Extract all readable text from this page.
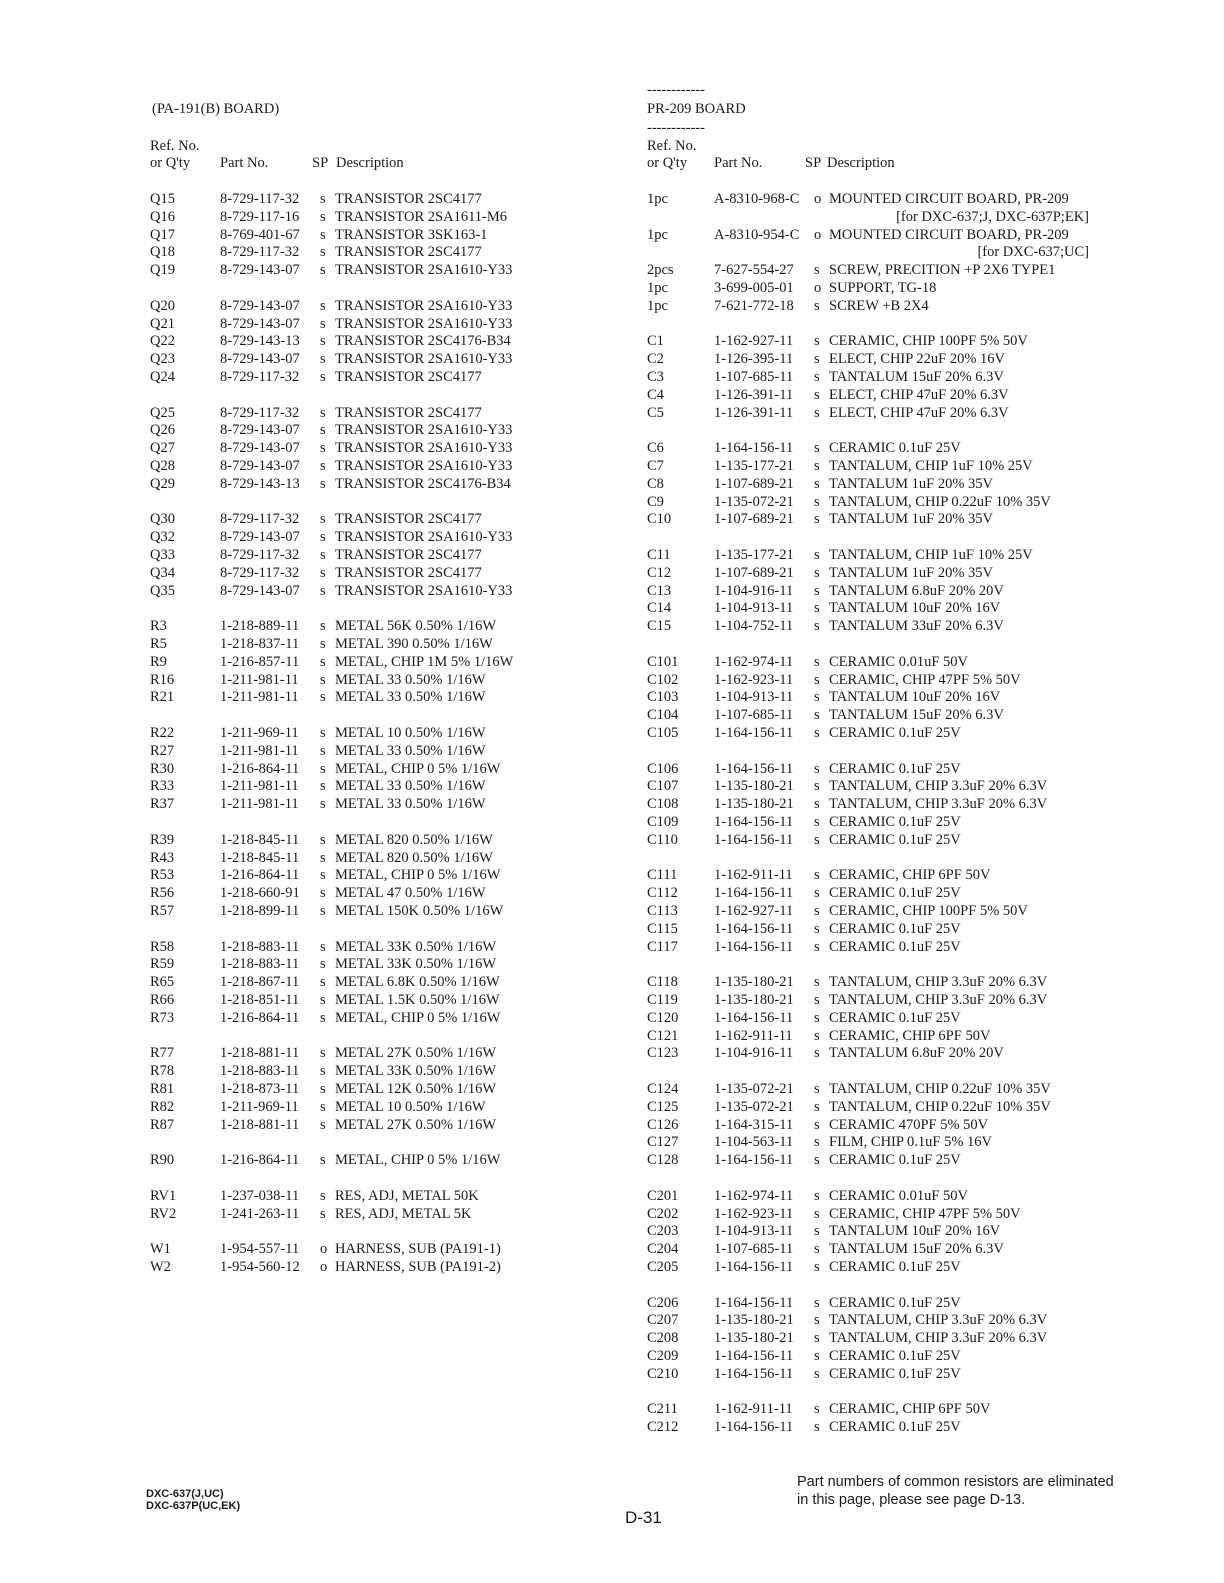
(PA-191(B) BOARD)
Ref. No.
or Q'ty Part No.	SP Description
Q15	8-729-117-32 s TRANSISTOR 2SC4177
Q16	8-729-117-16 s TRANSISTOR 2SA1611-M6
Q17	8-769-401-67 s TRANSISTOR 3SK163-1
Q18	8-729-117-32 s TRANSISTOR 2SC4177
Q19	8-729-143-07 s TRANSISTOR 2SA1610-Y33
Q20	8-729-143-07 s TRANSISTOR 2SA1610-Y33
Q21	8-729-143-07 s TRANSISTOR 2SA1610-Y33
Q22	8-729-143-13 s TRANSISTOR 2SC4176-B34
Q23	8-729-143-07 s TRANSISTOR 2SA1610-Y33
Q24	8-729-117-32 s TRANSISTOR 2SC4177
Q25	8-729-117-32 s TRANSISTOR 2SC4177
Q26	8-729-143-07 s TRANSISTOR 2SA1610-Y33
Q27	8-729-143-07 s TRANSISTOR 2SA1610-Y33
Q28	8-729-143-07 s TRANSISTOR 2SA1610-Y33
Q29	8-729-143-13 s TRANSISTOR 2SC4176-B34
Q30	8-729-117-32 s TRANSISTOR 2SC4177
Q32	8-729-143-07 s TRANSISTOR 2SA1610-Y33
Q33	8-729-117-32 s TRANSISTOR 2SC4177
Q34	8-729-117-32 s TRANSISTOR 2SC4177
Q35	8-729-143-07 s TRANSISTOR 2SA1610-Y33
R3	1-218-889-11 s METAL 56K 0.50% 1/16W
R5	1-218-837-11 s METAL 390 0.50% 1/16W
R9	1-216-857-11 s METAL, CHIP 1M 5% 1/16W
R16	1-211-981-11 s METAL 33 0.50% 1/16W
R21	1-211-981-11 s METAL 33 0.50% 1/16W
R22	1-211-969-11 s METAL 10 0.50% 1/16W
R27	1-211-981-11 s METAL 33 0.50% 1/16W
R30	1-216-864-11 s METAL, CHIP 0 5% 1/16W
R33	1-211-981-11 s METAL 33 0.50% 1/16W
R37	1-211-981-11 s METAL 33 0.50% 1/16W
R39	1-218-845-11 s METAL 820 0.50% 1/16W
R43	1-218-845-11 s METAL 820 0.50% 1/16W
R53	1-216-864-11 s METAL, CHIP 0 5% 1/16W
R56	1-218-660-91 s METAL 47 0.50% 1/16W
R57	1-218-899-11 s METAL 150K 0.50% 1/16W
R58	1-218-883-11 s METAL 33K 0.50% 1/16W
R59	1-218-883-11 s METAL 33K 0.50% 1/16W
R65	1-218-867-11 s METAL 6.8K 0.50% 1/16W
R66	1-218-851-11 s METAL 1.5K 0.50% 1/16W
R73	1-216-864-11 s METAL, CHIP 0 5% 1/16W
R77	1-218-881-11 s METAL 27K 0.50% 1/16W
R78	1-218-883-11 s METAL 33K 0.50% 1/16W
R81	1-218-873-11 s METAL 12K 0.50% 1/16W
R82	1-211-969-11 s METAL 10 0.50% 1/16W
R87	1-218-881-11 s METAL 27K 0.50% 1/16W
R90	1-216-864-11 s METAL, CHIP 0 5% 1/16W
RV1	1-237-038-11 s RES, ADJ, METAL 50K
RV2	1-241-263-11 s RES, ADJ, METAL 5K
W1	1-954-557-11 o HARNESS, SUB (PA191-1)
W2	1-954-560-12 o HARNESS, SUB (PA191-2)
------------
PR-209 BOARD
------------
Ref. No.
or Q'ty Part No.	SP Description
1pc	A-8310-968-C o MOUNTED CIRCUIT BOARD, PR-209
[for DXC-637;J, DXC-637P;EK]
1pc	A-8310-954-C o MOUNTED CIRCUIT BOARD, PR-209
[for DXC-637;UC]
2pcs	7-627-554-27 s SCREW, PRECITION +P 2X6 TYPE1
1pc	3-699-005-01 o SUPPORT, TG-18
1pc	7-621-772-18 s SCREW +B 2X4
C1	1-162-927-11 s CERAMIC, CHIP 100PF 5% 50V
C2	1-126-395-11 s ELECT, CHIP 22uF 20% 16V
C3	1-107-685-11 s TANTALUM 15uF 20% 6.3V
C4	1-126-391-11 s ELECT, CHIP 47uF 20% 6.3V
C5	1-126-391-11 s ELECT, CHIP 47uF 20% 6.3V
C6	1-164-156-11 s CERAMIC 0.1uF 25V
C7	1-135-177-21 s TANTALUM, CHIP 1uF 10% 25V
C8	1-107-689-21 s TANTALUM 1uF 20% 35V
C9	1-135-072-21 s TANTALUM, CHIP 0.22uF 10% 35V
C10	1-107-689-21 s TANTALUM 1uF 20% 35V
C11	1-135-177-21 s TANTALUM, CHIP 1uF 10% 25V
C12	1-107-689-21 s TANTALUM 1uF 20% 35V
C13	1-104-916-11 s TANTALUM 6.8uF 20% 20V
C14	1-104-913-11 s TANTALUM 10uF 20% 16V
C15	1-104-752-11 s TANTALUM 33uF 20% 6.3V
C101 1-162-974-11 s CERAMIC 0.01uF 50V
C102 1-162-923-11 s CERAMIC, CHIP 47PF 5% 50V
C103 1-104-913-11 s TANTALUM 10uF 20% 16V
C104 1-107-685-11 s TANTALUM 15uF 20% 6.3V
C105 1-164-156-11 s CERAMIC 0.1uF 25V
C106 1-164-156-11 s CERAMIC 0.1uF 25V
C107 1-135-180-21 s TANTALUM, CHIP 3.3uF 20% 6.3V
C108 1-135-180-21 s TANTALUM, CHIP 3.3uF 20% 6.3V
C109 1-164-156-11 s CERAMIC 0.1uF 25V
C110 1-164-156-11 s CERAMIC 0.1uF 25V
C111	1-162-911-11 s CERAMIC, CHIP 6PF 50V
C112 1-164-156-11 s CERAMIC 0.1uF 25V
C113 1-162-927-11 s CERAMIC, CHIP 100PF 5% 50V
C115 1-164-156-11 s CERAMIC 0.1uF 25V
C117 1-164-156-11 s CERAMIC 0.1uF 25V
C118 1-135-180-21 s TANTALUM, CHIP 3.3uF 20% 6.3V
C119 1-135-180-21 s TANTALUM, CHIP 3.3uF 20% 6.3V
C120 1-164-156-11 s CERAMIC 0.1uF 25V
C121 1-162-911-11 s CERAMIC, CHIP 6PF 50V
C123 1-104-916-11 s TANTALUM 6.8uF 20% 20V
C124 1-135-072-21 s TANTALUM, CHIP 0.22uF 10% 35V
C125 1-135-072-21 s TANTALUM, CHIP 0.22uF 10% 35V
C126 1-164-315-11 s CERAMIC 470PF 5% 50V
C127 1-104-563-11 s FILM, CHIP 0.1uF 5% 16V
C128 1-164-156-11 s CERAMIC 0.1uF 25V
C201 1-162-974-11 s CERAMIC 0.01uF 50V
C202 1-162-923-11 s CERAMIC, CHIP 47PF 5% 50V
C203 1-104-913-11 s TANTALUM 10uF 20% 16V
C204 1-107-685-11 s TANTALUM 15uF 20% 6.3V
C205 1-164-156-11 s CERAMIC 0.1uF 25V
C206 1-164-156-11 s CERAMIC 0.1uF 25V
C207 1-135-180-21 s TANTALUM, CHIP 3.3uF 20% 6.3V
C208 1-135-180-21 s TANTALUM, CHIP 3.3uF 20% 6.3V
C209 1-164-156-11 s CERAMIC 0.1uF 25V
C210 1-164-156-11 s CERAMIC 0.1uF 25V
C211 1-162-911-11 s CERAMIC, CHIP 6PF 50V
C212 1-164-156-11 s CERAMIC 0.1uF 25V
DXC-637(J,UC)
DXC-637P(UC,EK)
D-31
Part numbers of common resistors are eliminated
in this page, please see page D-13.
